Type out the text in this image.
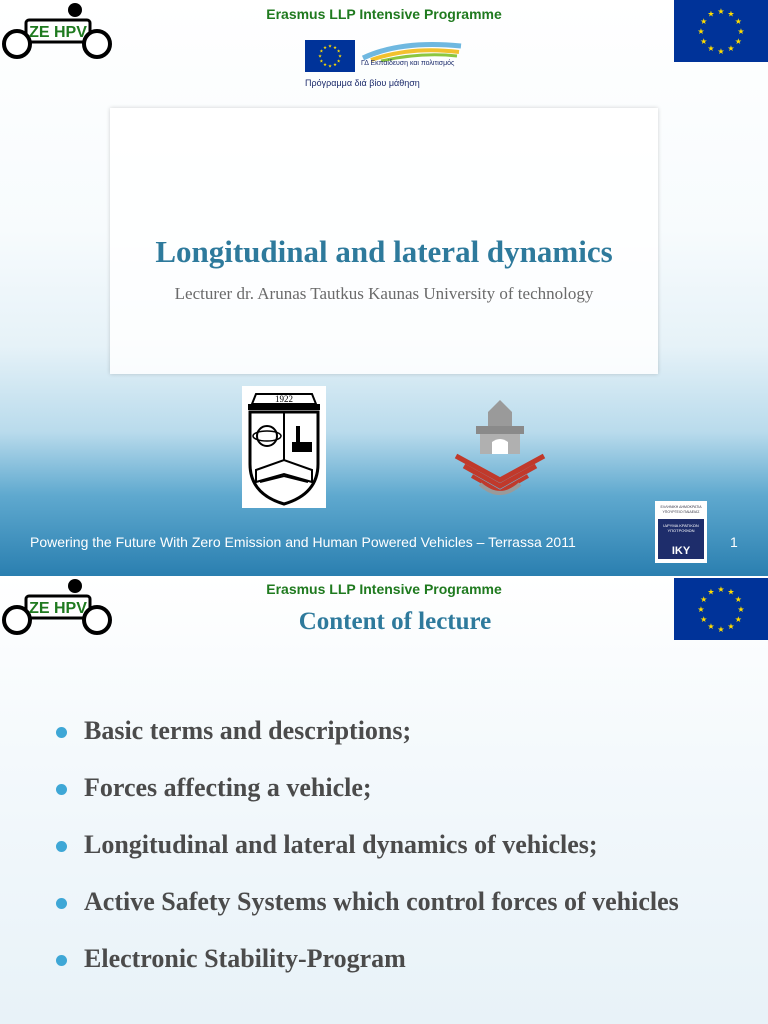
ZE HPV
Erasmus LLP Intensive Programme	★ ★
★
★
★
★
★
★
★
★
★
★
★ ★
★
★
★
★
★
★
★
★
★
★
ΓΔ Εκπαίδευση και πολιτισμός
Πρόγραμμα διά βίου μάθηση
Longitudinal and lateral dynamics
Lecturer dr. Arunas Tautkus Kaunas University of technology
1922
Powering the Future With Zero Emission and Human Powered Vehicles – Terrassa 2011
ΕΛΛΗΝΙΚΗ ΔΗΜΟΚΡΑΤΙΑ ΥΠΟΥΡΓΕΙΟ ΠΑΙΔΕΙΑΣ
ΙΔΡΥΜΑ ΚΡΑΤΙΚΩΝ ΥΠΟΤΡΟΦΙΩΝ
IKY
1
ZE HPV
Erasmus LLP Intensive Programme	★ ★
★
★
★
★
★
★
★
★
★
★
Content of lecture
Basic terms and descriptions;
Forces affecting a vehicle;
Longitudinal and lateral dynamics of vehicles;
Active Safety Systems which control forces of vehicles
Electronic Stability-Program
